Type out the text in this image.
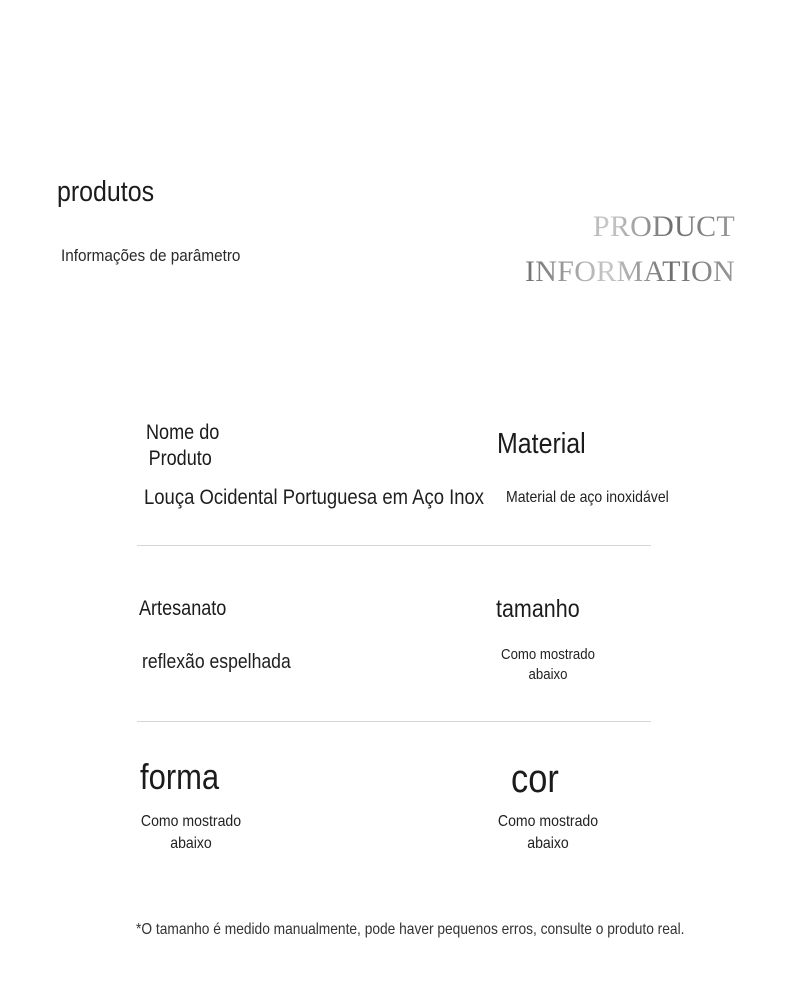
produtos
Informações de parâmetro
PRODUCT
INFORMATION
Nome do
Produto
Louça Ocidental Portuguesa em Aço Inox
Material
Material de aço inoxidável
Artesanato
reflexão espelhada
tamanho
Como mostrado
abaixo
forma
Como mostrado
abaixo
cor
Como mostrado
abaixo
*O tamanho é medido manualmente, pode haver pequenos erros, consulte o produto real.
